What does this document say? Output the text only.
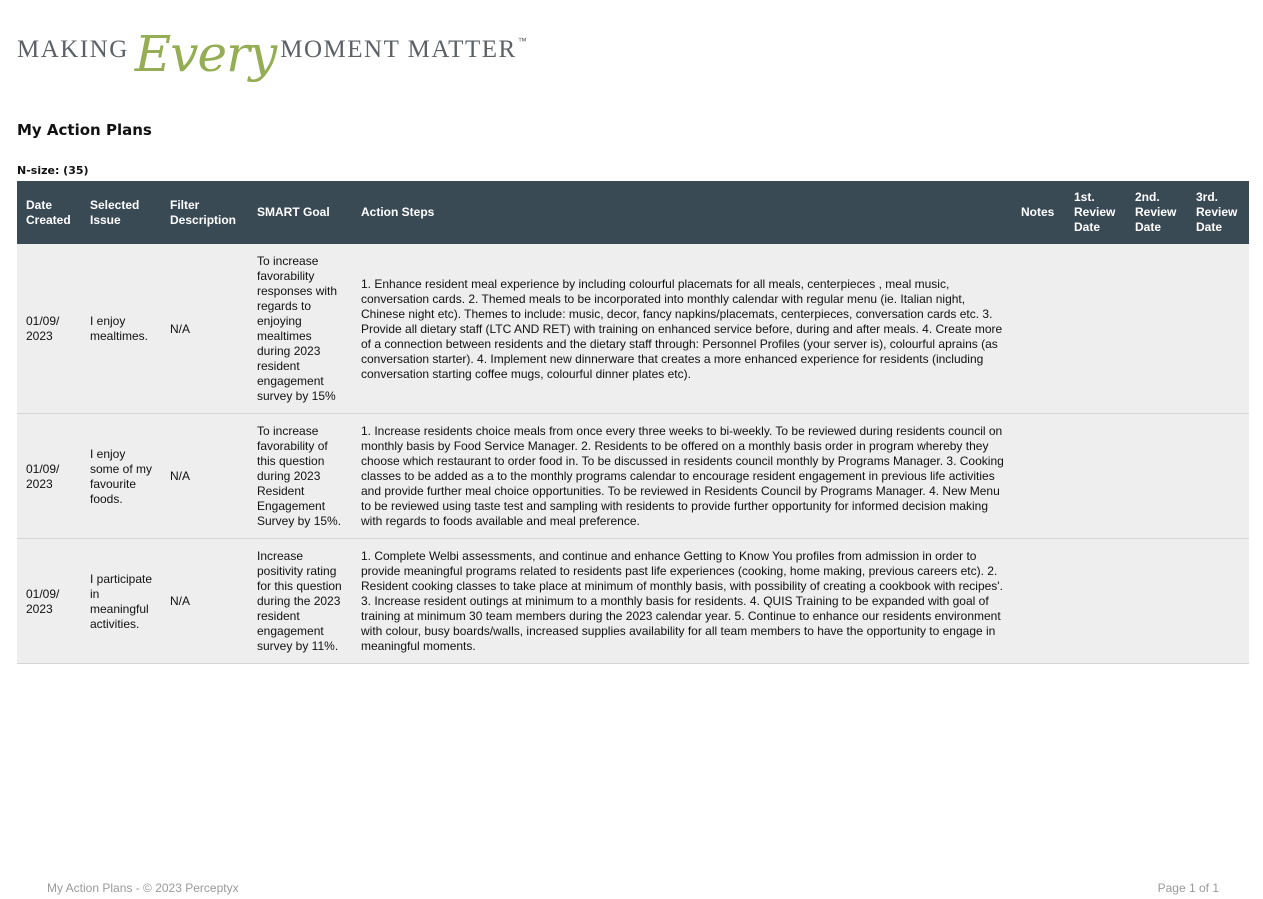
MAKING Every MOMENT MATTER ™
My Action Plans
N-size: (35)
Date Created	Selected Issue	Filter Description	SMART Goal	Action Steps	Notes	1st. Review Date	2nd. Review Date	3rd. Review Date
01/09/ 2023	I enjoy mealtimes.	N/A	To increase favorability responses with regards to enjoying mealtimes during 2023 resident engagement survey by 15%	1. Enhance resident meal experience by including colourful placemats for all meals, centerpieces , meal music, conversation cards. 2. Themed meals to be incorporated into monthly calendar with regular menu (ie. Italian night, Chinese night etc). Themes to include: music, decor, fancy napkins/placemats, centerpieces, conversation cards etc. 3. Provide all dietary staff (LTC AND RET) with training on enhanced service before, during and after meals. 4. Create more of a connection between residents and the dietary staff through: Personnel Profiles (your server is), colourful aprains (as conversation starter). 4. Implement new dinnerware that creates a more enhanced experience for residents (including conversation starting coffee mugs, colourful dinner plates etc).				
01/09/ 2023	I enjoy some of my favourite foods.	N/A	To increase favorability of this question during 2023 Resident Engagement Survey by 15%.	1. Increase residents choice meals from once every three weeks to bi-weekly. To be reviewed during residents council on monthly basis by Food Service Manager. 2. Residents to be offered on a monthly basis order in program whereby they choose which restaurant to order food in. To be discussed in residents council monthly by Programs Manager. 3. Cooking classes to be added as a to the monthly programs calendar to encourage resident engagement in previous life activities and provide further meal choice opportunities. To be reviewed in Residents Council by Programs Manager. 4. New Menu to be reviewed using taste test and sampling with residents to provide further opportunity for informed decision making with regards to foods available and meal preference.				
01/09/ 2023	I participate in meaningful activities.	N/A	Increase positivity rating for this question during the 2023 resident engagement survey by 11%.	1. Complete Welbi assessments, and continue and enhance Getting to Know You profiles from admission in order to provide meaningful programs related to residents past life experiences (cooking, home making, previous careers etc). 2. Resident cooking classes to take place at minimum of monthly basis, with possibility of creating a cookbook with recipes'. 3. Increase resident outings at minimum to a monthly basis for residents. 4. QUIS Training to be expanded with goal of training at minimum 30 team members during the 2023 calendar year. 5. Continue to enhance our residents environment with colour, busy boards/walls, increased supplies availability for all team members to have the opportunity to engage in meaningful moments.				
My Action Plans - © 2023 Perceptyx	Page 1 of 1
